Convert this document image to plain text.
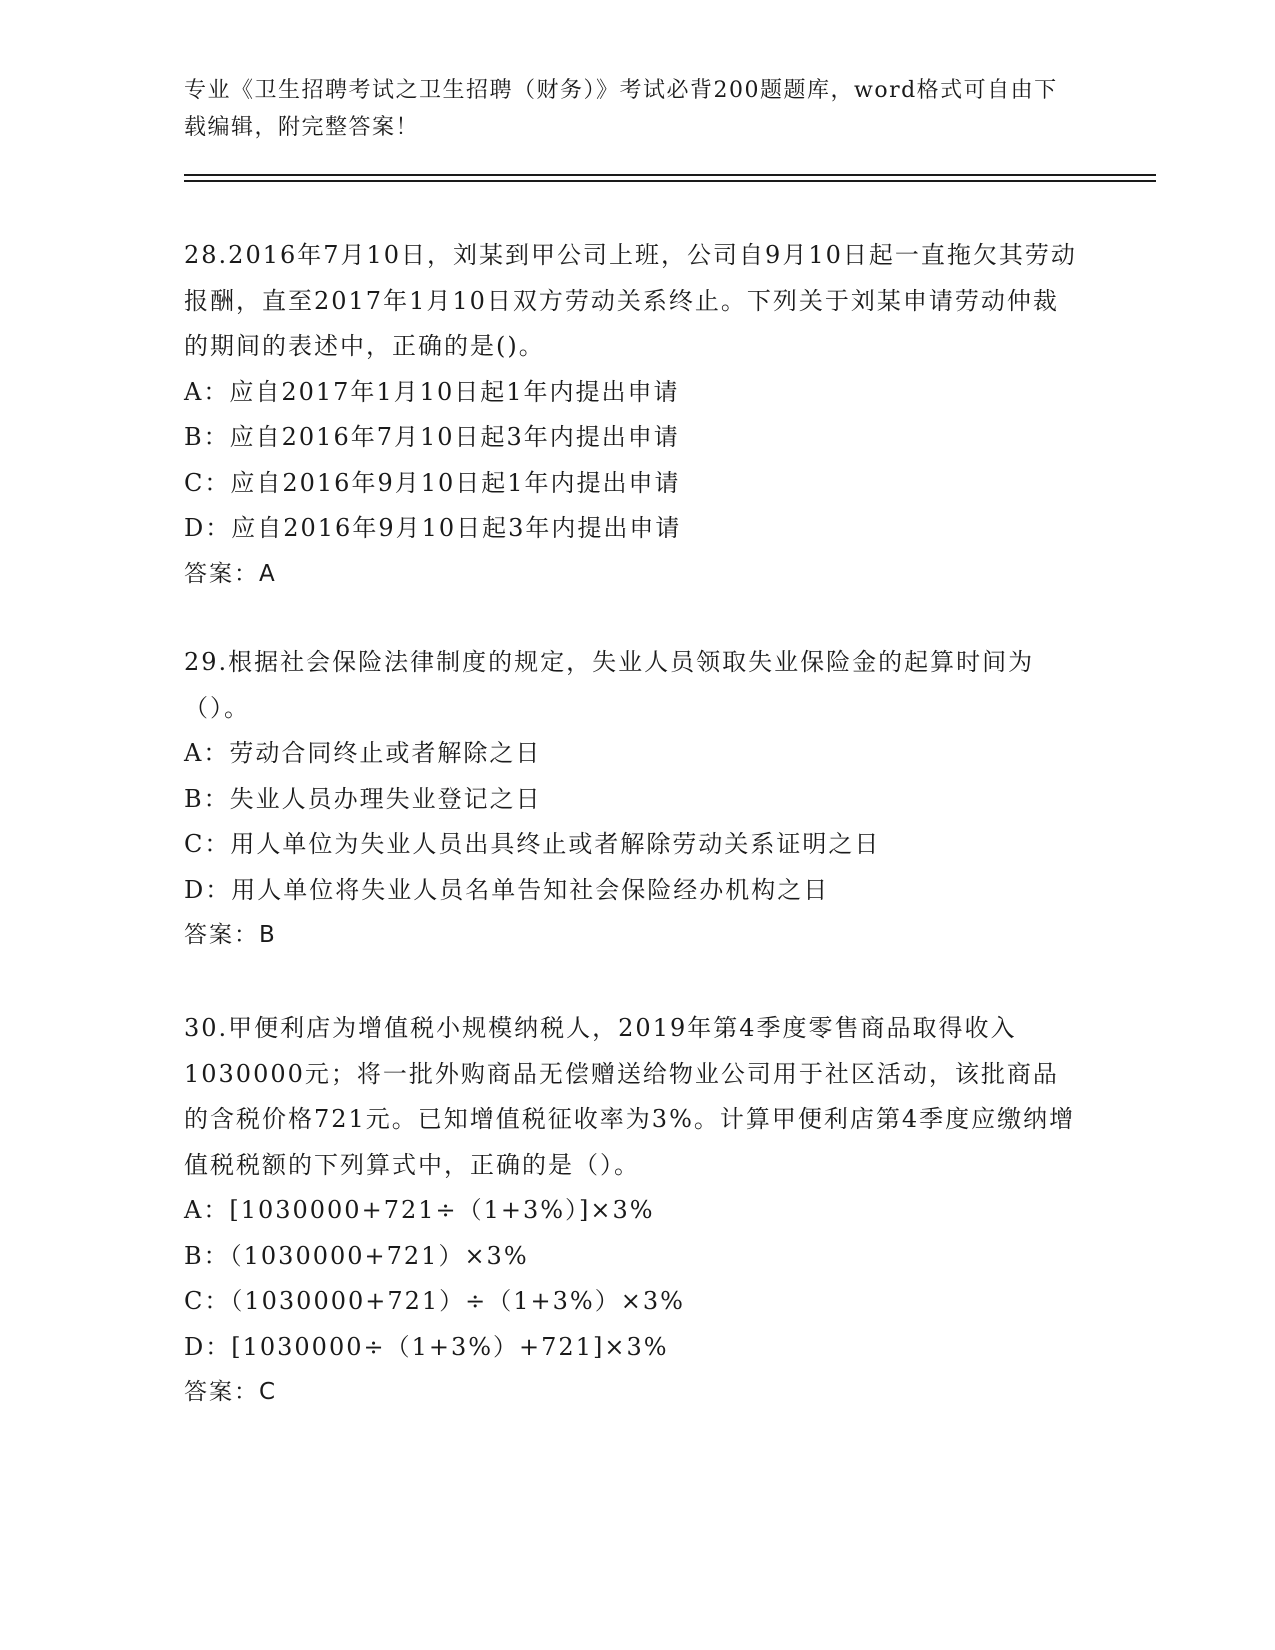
专业《卫生招聘考试之卫生招聘（财务）》考试必背200题题库，word格式可自由下载编辑，附完整答案！

28.2016年7月10日，刘某到甲公司上班，公司自9月10日起一直拖欠其劳动报酬，直至2017年1月10日双方劳动关系终止。下列关于刘某申请劳动仲裁的期间的表述中，正确的是()。

A：应自2017年1月10日起1年内提出申请

B：应自2016年7月10日起3年内提出申请

C：应自2016年9月10日起1年内提出申请

D：应自2016年9月10日起3年内提出申请

答案：A

29.根据社会保险法律制度的规定，失业人员领取失业保险金的起算时间为（）。

A：劳动合同终止或者解除之日

B：失业人员办理失业登记之日

C：用人单位为失业人员出具终止或者解除劳动关系证明之日

D：用人单位将失业人员名单告知社会保险经办机构之日

答案：B

30.甲便利店为增值税小规模纳税人，2019年第4季度零售商品取得收入1030000元；将一批外购商品无偿赠送给物业公司用于社区活动，该批商品的含税价格721元。已知增值税征收率为3%。计算甲便利店第4季度应缴纳增值税税额的下列算式中，正确的是（）。

A：[1030000+721÷（1+3%）]×3%

B：（1030000+721）×3%

C：（1030000+721）÷（1+3%）×3%

D：[1030000÷（1+3%）+721]×3%

答案：C
